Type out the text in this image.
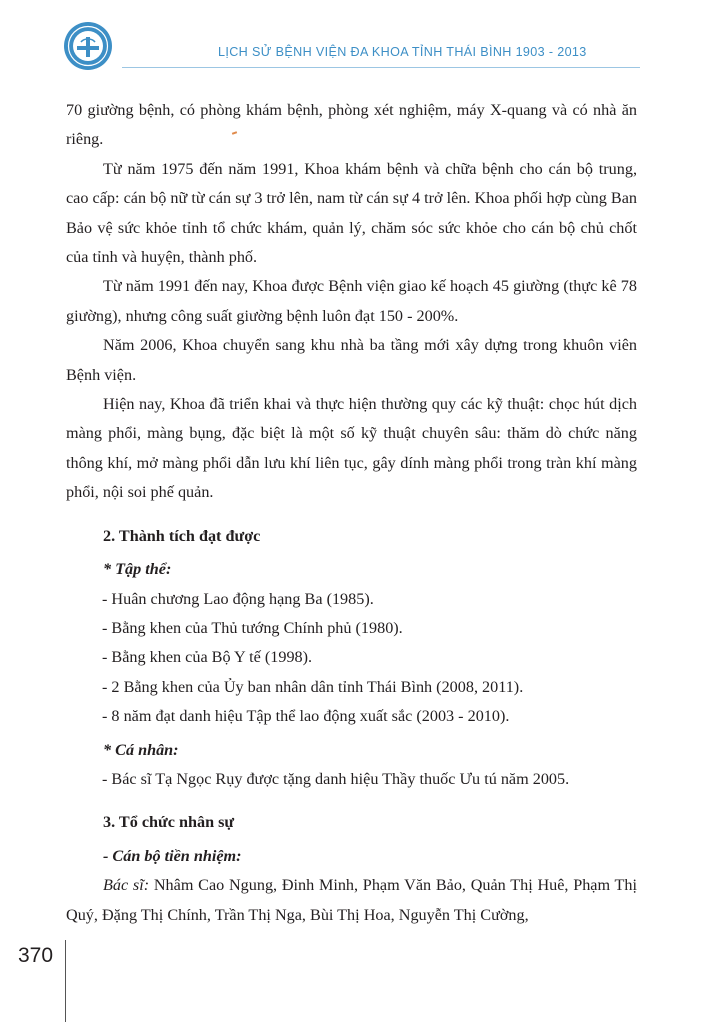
LỊCH SỬ BỆNH VIỆN ĐA KHOA TỈNH THÁI BÌNH 1903 - 2013

70 giường bệnh, có phòng khám bệnh, phòng xét nghiệm, máy X-quang và có nhà ăn riêng.

Từ năm 1975 đến năm 1991, Khoa khám bệnh và chữa bệnh cho cán bộ trung, cao cấp: cán bộ nữ từ cán sự 3 trở lên, nam từ cán sự 4 trở lên. Khoa phối hợp cùng Ban Bảo vệ sức khỏe tỉnh tổ chức khám, quản lý, chăm sóc sức khỏe cho cán bộ chủ chốt của tỉnh và huyện, thành phố.

Từ năm 1991 đến nay, Khoa được Bệnh viện giao kế hoạch 45 giường (thực kê 78 giường), nhưng công suất giường bệnh luôn đạt 150 - 200%.

Năm 2006, Khoa chuyển sang khu nhà ba tầng mới xây dựng trong khuôn viên Bệnh viện.

Hiện nay, Khoa đã triển khai và thực hiện thường quy các kỹ thuật: chọc hút dịch màng phổi, màng bụng, đặc biệt là một số kỹ thuật chuyên sâu: thăm dò chức năng thông khí, mở màng phổi dẫn lưu khí liên tục, gây dính màng phổi trong tràn khí màng phổi, nội soi phế quản.

2. Thành tích đạt được

* Tập thể:

- Huân chương Lao động hạng Ba (1985).

- Bằng khen của Thủ tướng Chính phủ (1980).

- Bằng khen của Bộ Y tế (1998).

- 2 Bằng khen của Ủy ban nhân dân tỉnh Thái Bình (2008, 2011).

- 8 năm đạt danh hiệu Tập thể lao động xuất sắc (2003 - 2010).

* Cá nhân:

- Bác sĩ Tạ Ngọc Rụy được tặng danh hiệu Thầy thuốc Ưu tú năm 2005.

3. Tổ chức nhân sự

- Cán bộ tiền nhiệm:

Bác sĩ: Nhâm Cao Ngung, Đinh Minh, Phạm Văn Bảo, Quản Thị Huê, Phạm Thị Quý, Đặng Thị Chính, Trần Thị Nga, Bùi Thị Hoa, Nguyễn Thị Cường,

370
